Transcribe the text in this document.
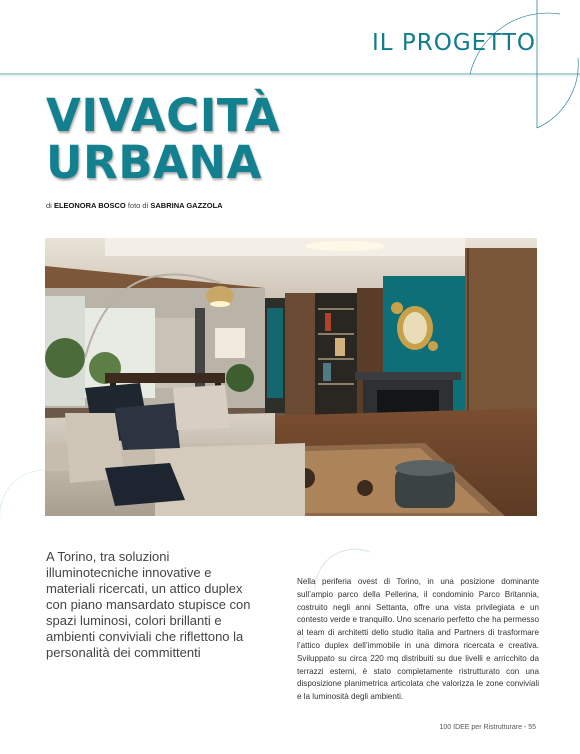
IL PROGETTO
VIVACITÀ
URBANA
di ELEONORA BOSCO foto di SABRINA GAZZOLA
A Torino, tra soluzioni illuminotecniche innovative e materiali ricercati, un attico duplex con piano mansardato stupisce con spazi luminosi, colori brillanti e ambienti conviviali che riflettono la personalità dei committenti
Nella periferia ovest di Torino, in una posizione dominante sull’ampio parco della Pellerina, il condominio Parco Britannia, costruito negli anni Settanta, offre una vista privilegiata e un contesto verde e tranquillo. Uno scenario perfetto che ha permesso al team di architetti dello studio Italia and Partners di trasformare l’attico duplex dell’immobile in una dimora ricercata e creativa. Sviluppato su circa 220 mq distribuiti su due livelli e arricchito da terrazzi esterni, è stato completamente ristrutturato con una disposizione planimetrica articolata che valorizza le zone conviviali e la luminosità degli ambienti.
100 IDEE per Ristrutturare - 55
